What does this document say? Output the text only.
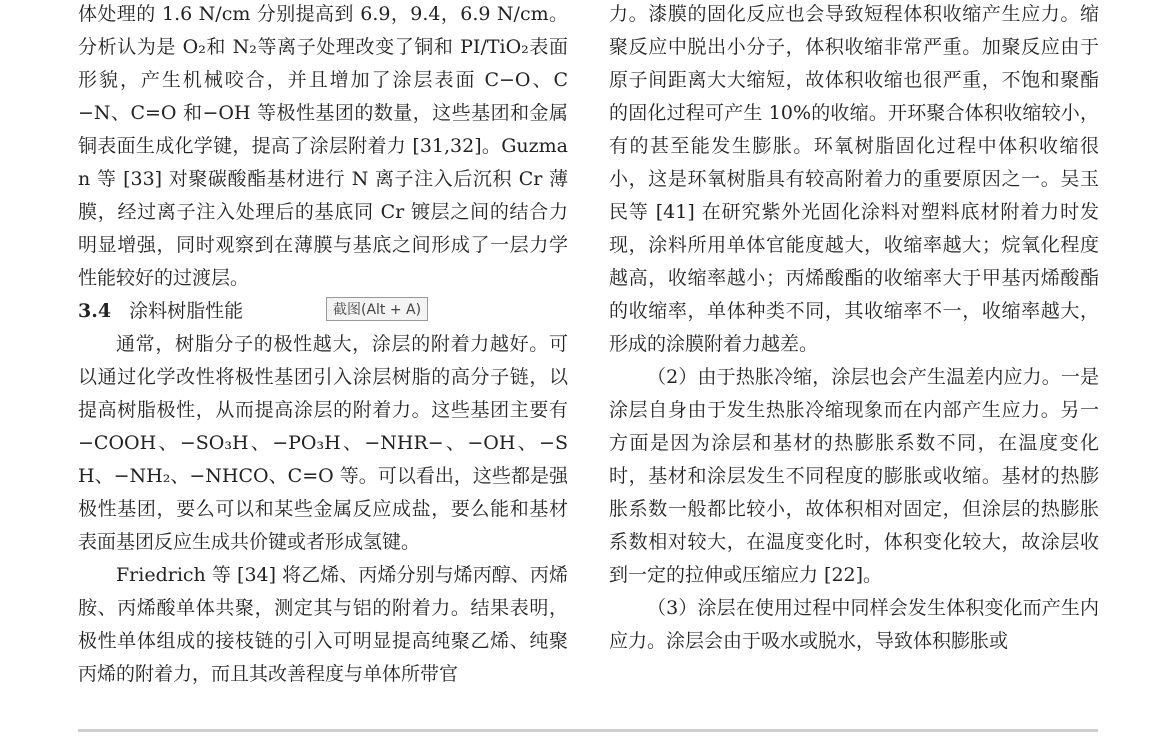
体处理的 1.6 N/cm 分别提高到 6.9，9.4，6.9 N/cm。分析认为是 O₂和 N₂等离子处理改变了铜和 PI/TiO₂表面形貌，产生机械咬合，并且增加了涂层表面 C−O、C−N、C=O 和−OH 等极性基团的数量，这些基团和金属铜表面生成化学键，提高了涂层附着力 [31,32]。Guzman 等 [33] 对聚碳酸酯基材进行 N 离子注入后沉积 Cr 薄膜，经过离子注入处理后的基底同 Cr 镀层之间的结合力明显增强，同时观察到在薄膜与基底之间形成了一层力学性能较好的过渡层。

3.4 涂料树脂性能

通常，树脂分子的极性越大，涂层的附着力越好。可以通过化学改性将极性基团引入涂层树脂的高分子链，以提高树脂极性，从而提高涂层的附着力。这些基团主要有−COOH、−SO₃H、−PO₃H、−NHR−、−OH、−SH、−NH₂、−NHCO、C=O 等。可以看出，这些都是强极性基团，要么可以和某些金属反应成盐，要么能和基材表面基团反应生成共价键或者形成氢键。

Friedrich 等 [34] 将乙烯、丙烯分别与烯丙醇、丙烯胺、丙烯酸单体共聚，测定其与铝的附着力。结果表明，极性单体组成的接枝链的引入可明显提高纯聚乙烯、纯聚丙烯的附着力，而且其改善程度与单体所带官

力。漆膜的固化反应也会导致短程体积收缩产生应力。缩聚反应中脱出小分子，体积收缩非常严重。加聚反应由于原子间距离大大缩短，故体积收缩也很严重，不饱和聚酯的固化过程可产生 10%的收缩。开环聚合体积收缩较小，有的甚至能发生膨胀。环氧树脂固化过程中体积收缩很小，这是环氧树脂具有较高附着力的重要原因之一。吴玉民等 [41] 在研究紫外光固化涂料对塑料底材附着力时发现，涂料所用单体官能度越大，收缩率越大；烷氧化程度越高，收缩率越小；丙烯酸酯的收缩率大于甲基丙烯酸酯的收缩率，单体种类不同，其收缩率不一，收缩率越大，形成的涂膜附着力越差。

（2）由于热胀冷缩，涂层也会产生温差内应力。一是涂层自身由于发生热胀冷缩现象而在内部产生应力。另一方面是因为涂层和基材的热膨胀系数不同，在温度变化时，基材和涂层发生不同程度的膨胀或收缩。基材的热膨胀系数一般都比较小，故体积相对固定，但涂层的热膨胀系数相对较大，在温度变化时，体积变化较大，故涂层收到一定的拉伸或压缩应力 [22]。

（3）涂层在使用过程中同样会发生体积变化而产生内应力。涂层会由于吸水或脱水，导致体积膨胀或

截图(Alt + A)
